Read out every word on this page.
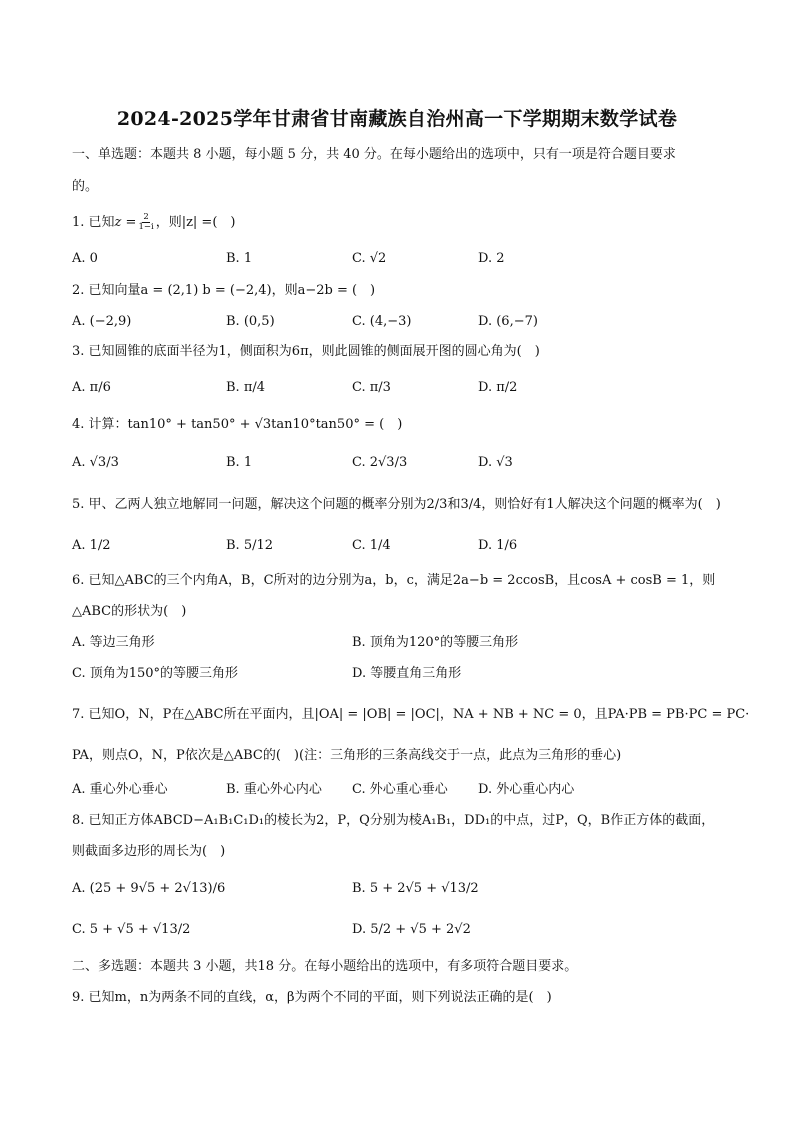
2024-2025学年甘肃省甘南藏族自治州高一下学期期末数学试卷
一、单选题：本题共 8 小题，每小题 5 分，共 40 分。在每小题给出的选项中，只有一项是符合题目要求
的。
1. 已知$z = \frac{2}{1-i}$ ，则|z| =(　)
A. 0	B. 1	C. √2	D. 2
2. 已知向量a = (2,1) b = (−2,4)，则a−2b = (　)
A. (−2,9)	B. (0,5)	C. (4,−3)	D. (6,−7)
3. 已知圆锥的底面半径为1，侧面积为6π，则此圆锥的侧面展开图的圆心角为(　)
A. π/6	B. π/4	C. π/3	D. π/2
4. 计算：tan10° + tan50° + √3tan10°tan50° = (　)
A. √3/3	B. 1	C. 2√3/3	D. √3
5. 甲、乙两人独立地解同一问题，解决这个问题的概率分别为2/3和3/4，则恰好有1人解决这个问题的概率为(　)
A. 1/2	B. 5/12	C. 1/4	D. 1/6
6. 已知△ABC的三个内角A，B，C所对的边分别为a，b，c，满足2a−b = 2ccosB，且cosA + cosB = 1，则
△ABC的形状为(　)
A. 等边三角形	B. 顶角为120°的等腰三角形
C. 顶角为150°的等腰三角形	D. 等腰直角三角形
7. 已知O，N，P在△ABC所在平面内，且|OA| = |OB| = |OC|，NA + NB + NC = 0，且PA·PB = PB·PC = PC·
PA，则点O，N，P依次是△ABC的(　)(注：三角形的三条高线交于一点，此点为三角形的垂心)
A. 重心外心垂心	B. 重心外心内心 C. 外心重心垂心 D. 外心重心内心
8. 已知正方体ABCD−A₁B₁C₁D₁的棱长为2，P，Q分别为棱A₁B₁，DD₁的中点，过P，Q，B作正方体的截面，
则截面多边形的周长为(　)
A. (25 + 9√5 + 2√13)/6	B. 5 + 2√5 + √13/2
C. 5 + √5 + √13/2	D. 5/2 + √5 + 2√2
二、多选题：本题共 3 小题，共18 分。在每小题给出的选项中，有多项符合题目要求。
9. 已知m，n为两条不同的直线，α，β为两个不同的平面，则下列说法正确的是(　)
